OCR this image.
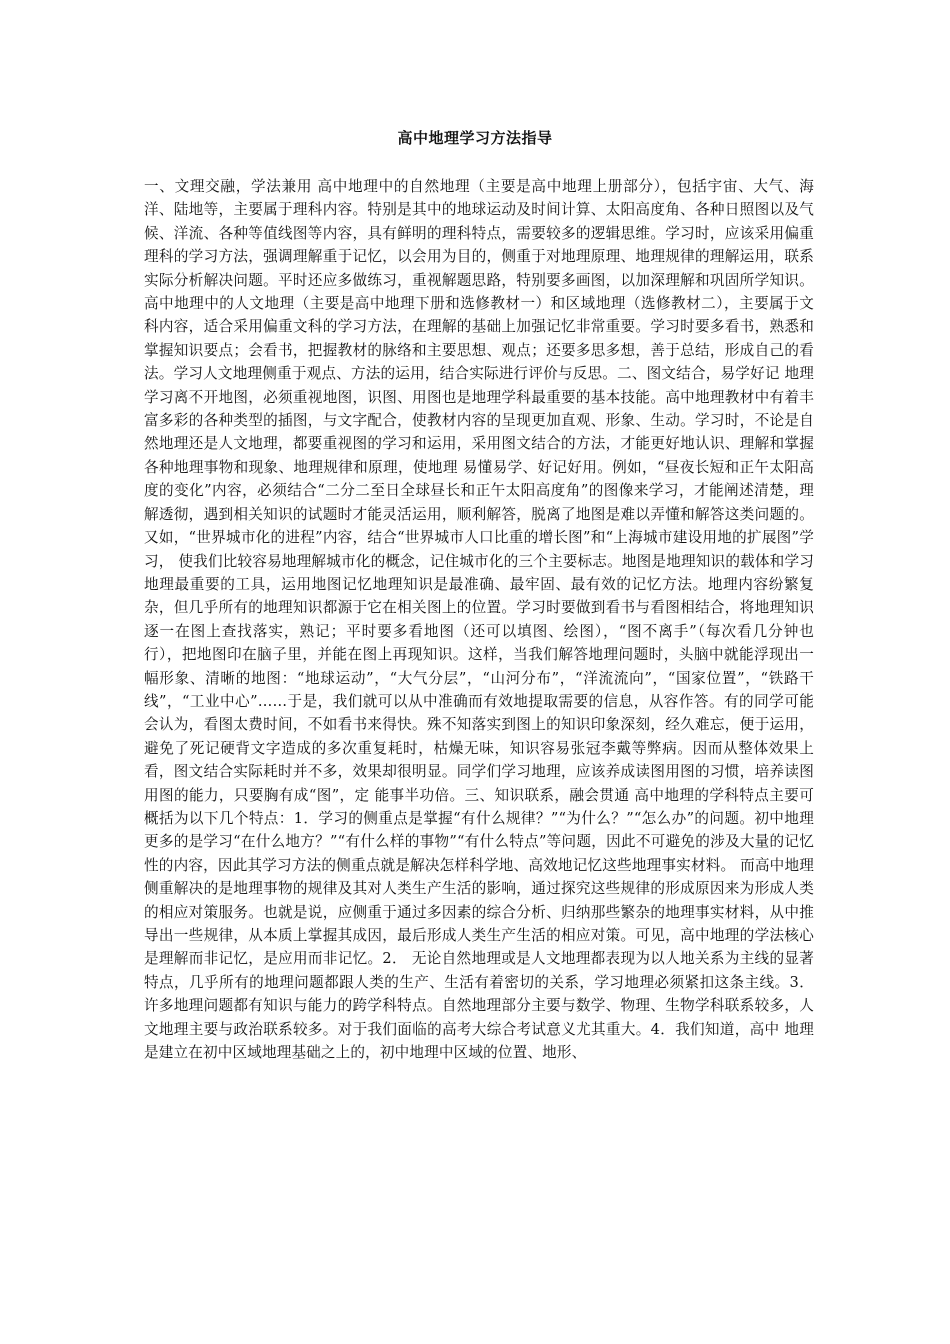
高中地理学习方法指导

一、文理交融，学法兼用 高中地理中的自然地理（主要是高中地理上册部分），包括宇宙、大气、海洋、陆地等，主要属于理科内容。特别是其中的地球运动及时间计算、太阳高度角、各种日照图以及气候、洋流、各种等值线图等内容，具有鲜明的理科特点，需要较多的逻辑思维。学习时，应该采用偏重理科的学习方法，强调理解重于记忆，以会用为目的，侧重于对地理原理、地理规律的理解运用，联系实际分析解决问题。平时还应多做练习，重视解题思路，特别要多画图，以加深理解和巩固所学知识。高中地理中的人文地理（主要是高中地理下册和选修教材一）和区域地理（选修教材二），主要属于文科内容，适合采用偏重文科的学习方法，在理解的基础上加强记忆非常重要。学习时要多看书，熟悉和掌握知识要点；会看书，把握教材的脉络和主要思想、观点；还要多思多想，善于总结，形成自己的看法。学习人文地理侧重于观点、方法的运用，结合实际进行评价与反思。二、图文结合，易学好记 地理学习离不开地图，必须重视地图，识图、用图也是地理学科最重要的基本技能。高中地理教材中有着丰富多彩的各种类型的插图，与文字配合，使教材内容的呈现更加直观、形象、生动。学习时，不论是自然地理还是人文地理，都要重视图的学习和运用，采用图文结合的方法，才能更好地认识、理解和掌握各种地理事物和现象、地理规律和原理，使地理 易懂易学、好记好用。例如，“昼夜长短和正午太阳高度的变化”内容，必须结合“二分二至日全球昼长和正午太阳高度角”的图像来学习，才能阐述清楚，理解透彻，遇到相关知识的试题时才能灵活运用，顺利解答，脱离了地图是难以弄懂和解答这类问题的。又如，“世界城市化的进程”内容，结合“世界城市人口比重的增长图”和“上海城市建设用地的扩展图”学习， 使我们比较容易地理解城市化的概念，记住城市化的三个主要标志。地图是地理知识的载体和学习地理最重要的工具，运用地图记忆地理知识是最准确、最牢固、最有效的记忆方法。地理内容纷繁复杂，但几乎所有的地理知识都源于它在相关图上的位置。学习时要做到看书与看图相结合，将地理知识逐一在图上查找落实，熟记；平时要多看地图（还可以填图、绘图），“图不离手”（每次看几分钟也行），把地图印在脑子里，并能在图上再现知识。这样，当我们解答地理问题时，头脑中就能浮现出一幅形象、清晰的地图：“地球运动”，“大气分层”，“山河分布”，“洋流流向”，“国家位置”，“铁路干线”，“工业中心”……于是，我们就可以从中准确而有效地提取需要的信息，从容作答。有的同学可能会认为，看图太费时间，不如看书来得快。殊不知落实到图上的知识印象深刻，经久难忘，便于运用，避免了死记硬背文字造成的多次重复耗时，枯燥无味，知识容易张冠李戴等弊病。因而从整体效果上看，图文结合实际耗时并不多，效果却很明显。同学们学习地理，应该养成读图用图的习惯，培养读图用图的能力，只要胸有成“图”，定 能事半功倍。三、知识联系，融会贯通 高中地理的学科特点主要可概括为以下几个特点：1．学习的侧重点是掌握“有什么规律？”“为什么？”“怎么办”的问题。初中地理更多的是学习“在什么地方？”“有什么样的事物”“有什么特点”等问题，因此不可避免的涉及大量的记忆性的内容，因此其学习方法的侧重点就是解决怎样科学地、高效地记忆这些地理事实材料。 而高中地理侧重解决的是地理事物的规律及其对人类生产生活的影响，通过探究这些规律的形成原因来为形成人类的相应对策服务。也就是说，应侧重于通过多因素的综合分析、归纳那些繁杂的地理事实材料，从中推导出一些规律，从本质上掌握其成因，最后形成人类生产生活的相应对策。可见，高中地理的学法核心是理解而非记忆，是应用而非记忆。2． 无论自然地理或是人文地理都表现为以人地关系为主线的显著特点，几乎所有的地理问题都跟人类的生产、生活有着密切的关系，学习地理必须紧扣这条主线。3．许多地理问题都有知识与能力的跨学科特点。自然地理部分主要与数学、物理、生物学科联系较多，人文地理主要与政治联系较多。对于我们面临的高考大综合考试意义尤其重大。4．我们知道，高中 地理是建立在初中区域地理基础之上的，初中地理中区域的位置、地形、
